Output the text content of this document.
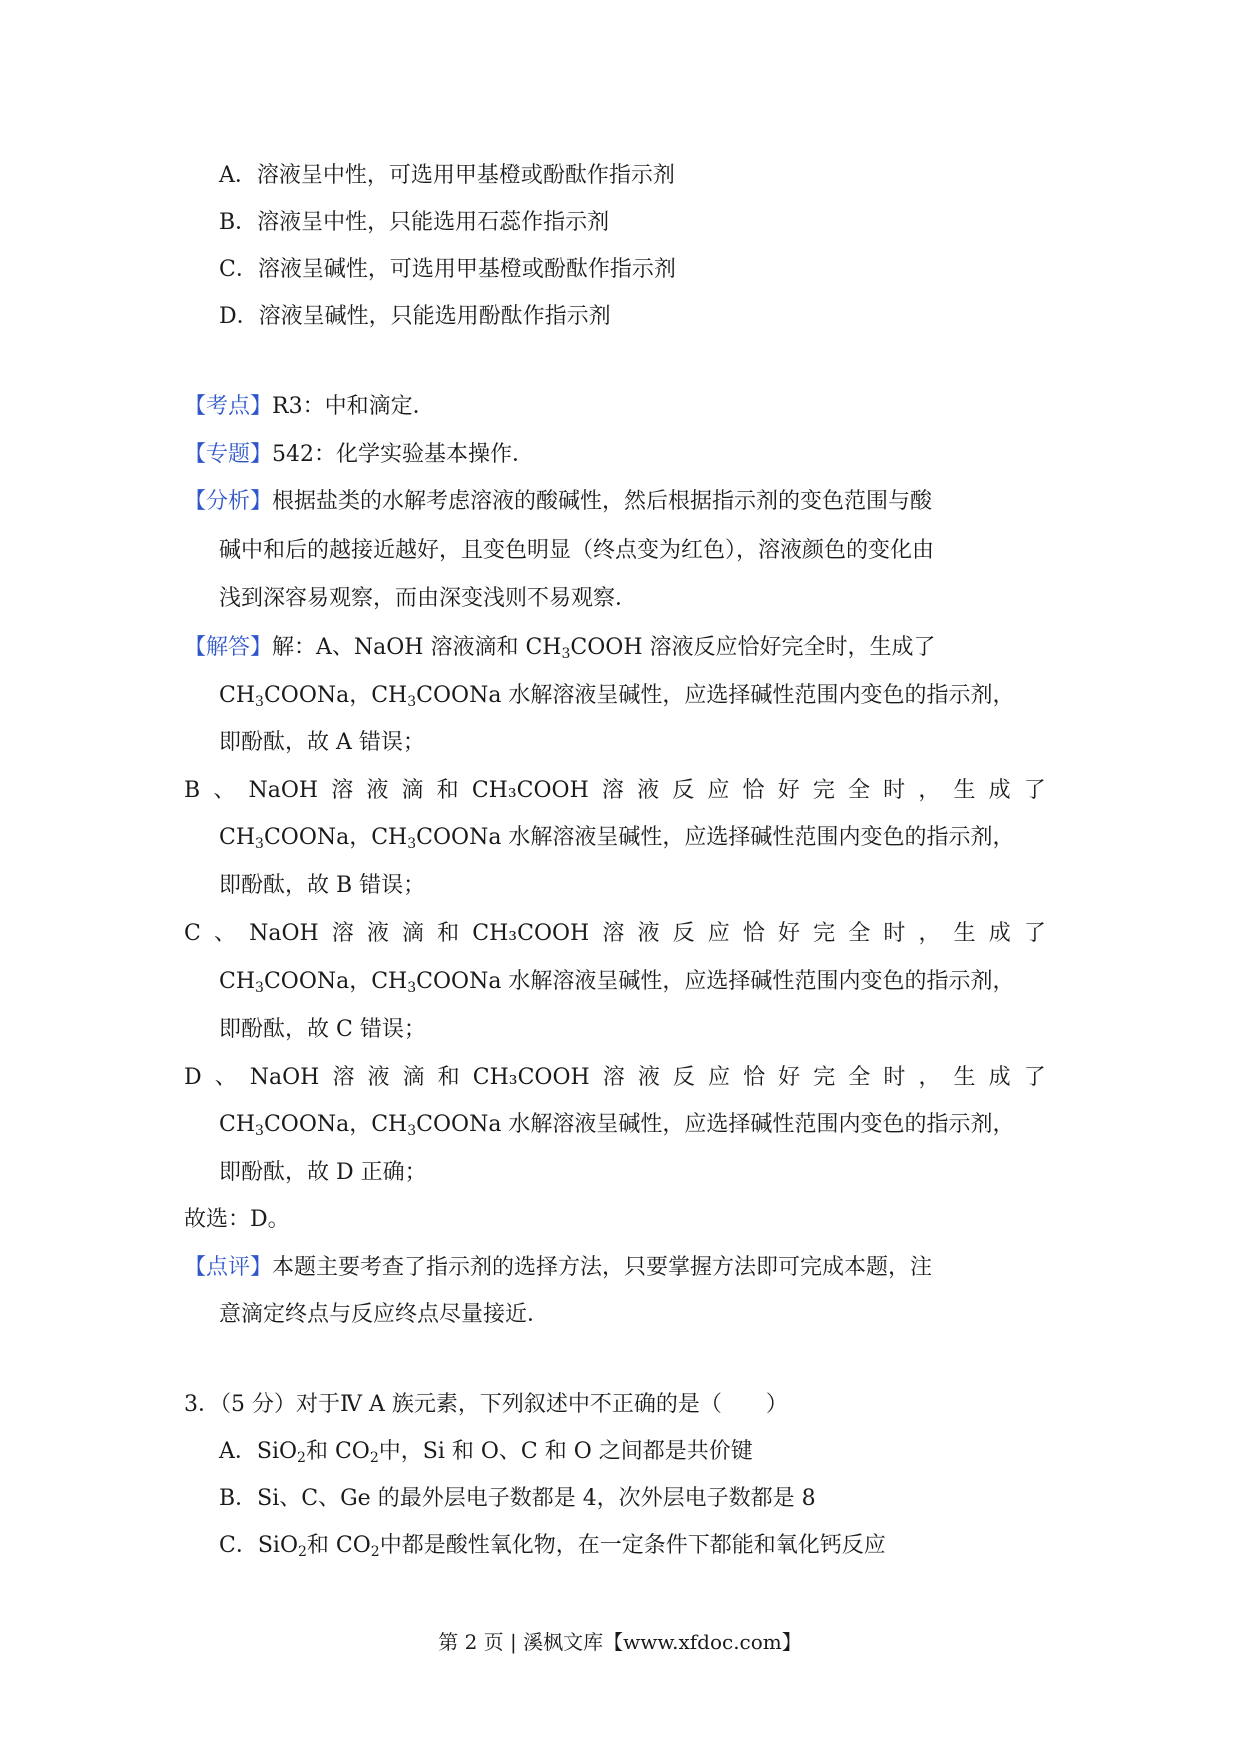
A．溶液呈中性，可选用甲基橙或酚酞作指示剂
B．溶液呈中性，只能选用石蕊作指示剂
C．溶液呈碱性，可选用甲基橙或酚酞作指示剂
D．溶液呈碱性，只能选用酚酞作指示剂
【考点】R3：中和滴定．
【专题】542：化学实验基本操作．
【分析】根据盐类的水解考虑溶液的酸碱性，然后根据指示剂的变色范围与酸
碱中和后的越接近越好，且变色明显（终点变为红色），溶液颜色的变化由
浅到深容易观察，而由深变浅则不易观察．
【解答】解：A、NaOH 溶液滴和 $CH_3COOH$ 溶液反应恰好完全时，生成了
$CH_3COONa$，$CH_3COONa$ 水解溶液呈碱性，应选择碱性范围内变色的指示剂，
即酚酞，故 A 错误；
B 、 NaOH 溶 液 滴 和 CH₃COOH 溶 液 反 应 恰 好 完 全 时 ， 生 成 了
$CH_3COONa$，$CH_3COONa$ 水解溶液呈碱性，应选择碱性范围内变色的指示剂，
即酚酞，故 B 错误；
C 、 NaOH 溶 液 滴 和 CH₃COOH 溶 液 反 应 恰 好 完 全 时 ， 生 成 了
$CH_3COONa$，$CH_3COONa$ 水解溶液呈碱性，应选择碱性范围内变色的指示剂，
即酚酞，故 C 错误；
D 、 NaOH 溶 液 滴 和 CH₃COOH 溶 液 反 应 恰 好 完 全 时 ， 生 成 了
$CH_3COONa$，$CH_3COONa$ 水解溶液呈碱性，应选择碱性范围内变色的指示剂，
即酚酞，故 D 正确；
故选：D。
【点评】本题主要考查了指示剂的选择方法，只要掌握方法即可完成本题，注
意滴定终点与反应终点尽量接近．
3．（5 分）对于Ⅳ A 族元素，下列叙述中不正确的是（　　）
A．SiO$_2$和 $CO_2$中，Si 和 O、C 和 O 之间都是共价键
B．Si、C、Ge 的最外层电子数都是 4，次外层电子数都是 8
C．SiO$_2$和 $CO_2$中都是酸性氧化物，在一定条件下都能和氧化钙反应
第 2 页 | 溪枫文库【www.xfdoc.com】
